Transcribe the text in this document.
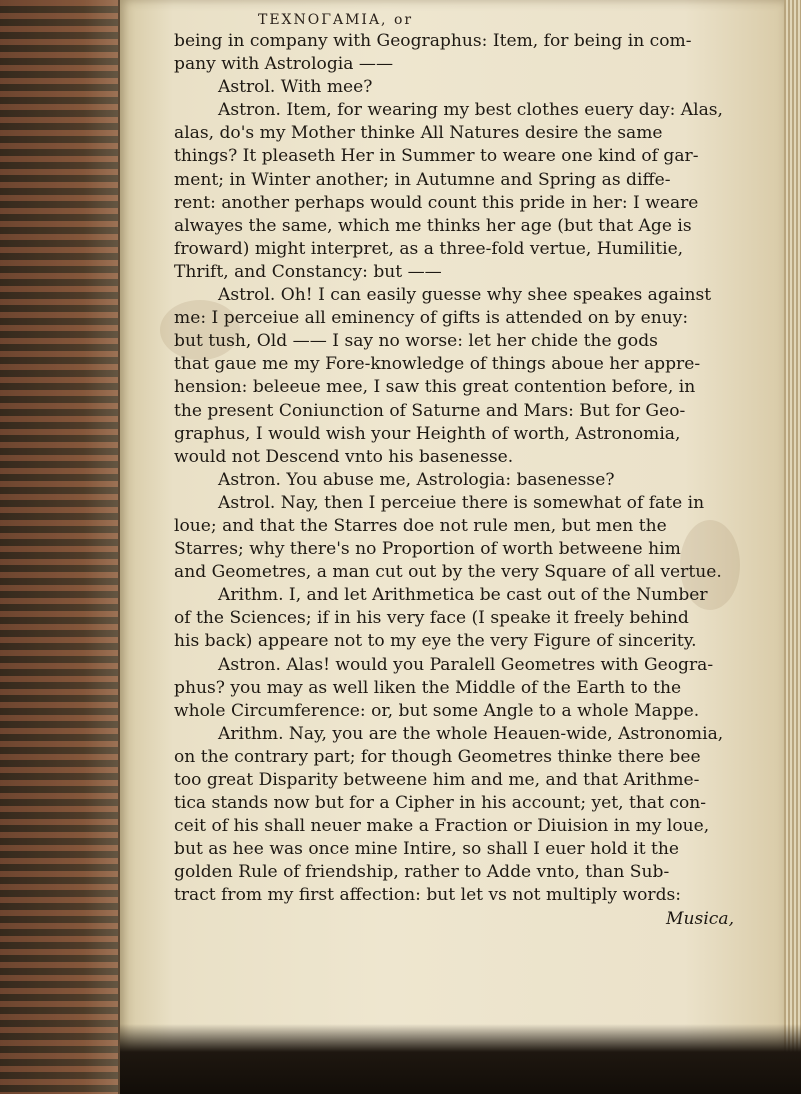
TEXNOΓAMIA, or
being in company with Geographus: Item, for being in com-
pany with Astrologia ——
Astrol. With mee?
Astron. Item, for wearing my best clothes euery day: Alas,
alas, do's my Mother thinke All Natures desire the same
things? It pleaseth Her in Summer to weare one kind of gar-
ment; in Winter another; in Autumne and Spring as diffe-
rent: another perhaps would count this pride in her: I weare
alwayes the same, which me thinks her age (but that Age is
froward) might interpret, as a three-fold vertue, Humilitie,
Thrift, and Constancy: but ——
Astrol. Oh! I can easily guesse why shee speakes against
me: I perceiue all eminency of gifts is attended on by enuy:
but tush, Old —— I say no worse: let her chide the gods
that gaue me my Fore-knowledge of things aboue her appre-
hension: beleeue mee, I saw this great contention before, in
the present Coniunction of Saturne and Mars: But for Geo-
graphus, I would wish your Heighth of worth, Astronomia,
would not Descend vnto his basenesse.
Astron. You abuse me, Astrologia: basenesse?
Astrol. Nay, then I perceiue there is somewhat of fate in
loue; and that the Starres doe not rule men, but men the
Starres; why there's no Proportion of worth betweene him
and Geometres, a man cut out by the very Square of all vertue.
Arithm. I, and let Arithmetica be cast out of the Number
of the Sciences; if in his very face (I speake it freely behind
his back) appeare not to my eye the very Figure of sincerity.
Astron. Alas! would you Paralell Geometres with Geogra-
phus? you may as well liken the Middle of the Earth to the
whole Circumference: or, but some Angle to a whole Mappe.
Arithm. Nay, you are the whole Heauen-wide, Astronomia,
on the contrary part; for though Geometres thinke there bee
too great Disparity betweene him and me, and that Arithme-
tica stands now but for a Cipher in his account; yet, that con-
ceit of his shall neuer make a Fraction or Diuision in my loue,
but as hee was once mine Intire, so shall I euer hold it the
golden Rule of friendship, rather to Adde vnto, than Sub-
tract from my first affection: but let vs not multiply words:
Musica,
